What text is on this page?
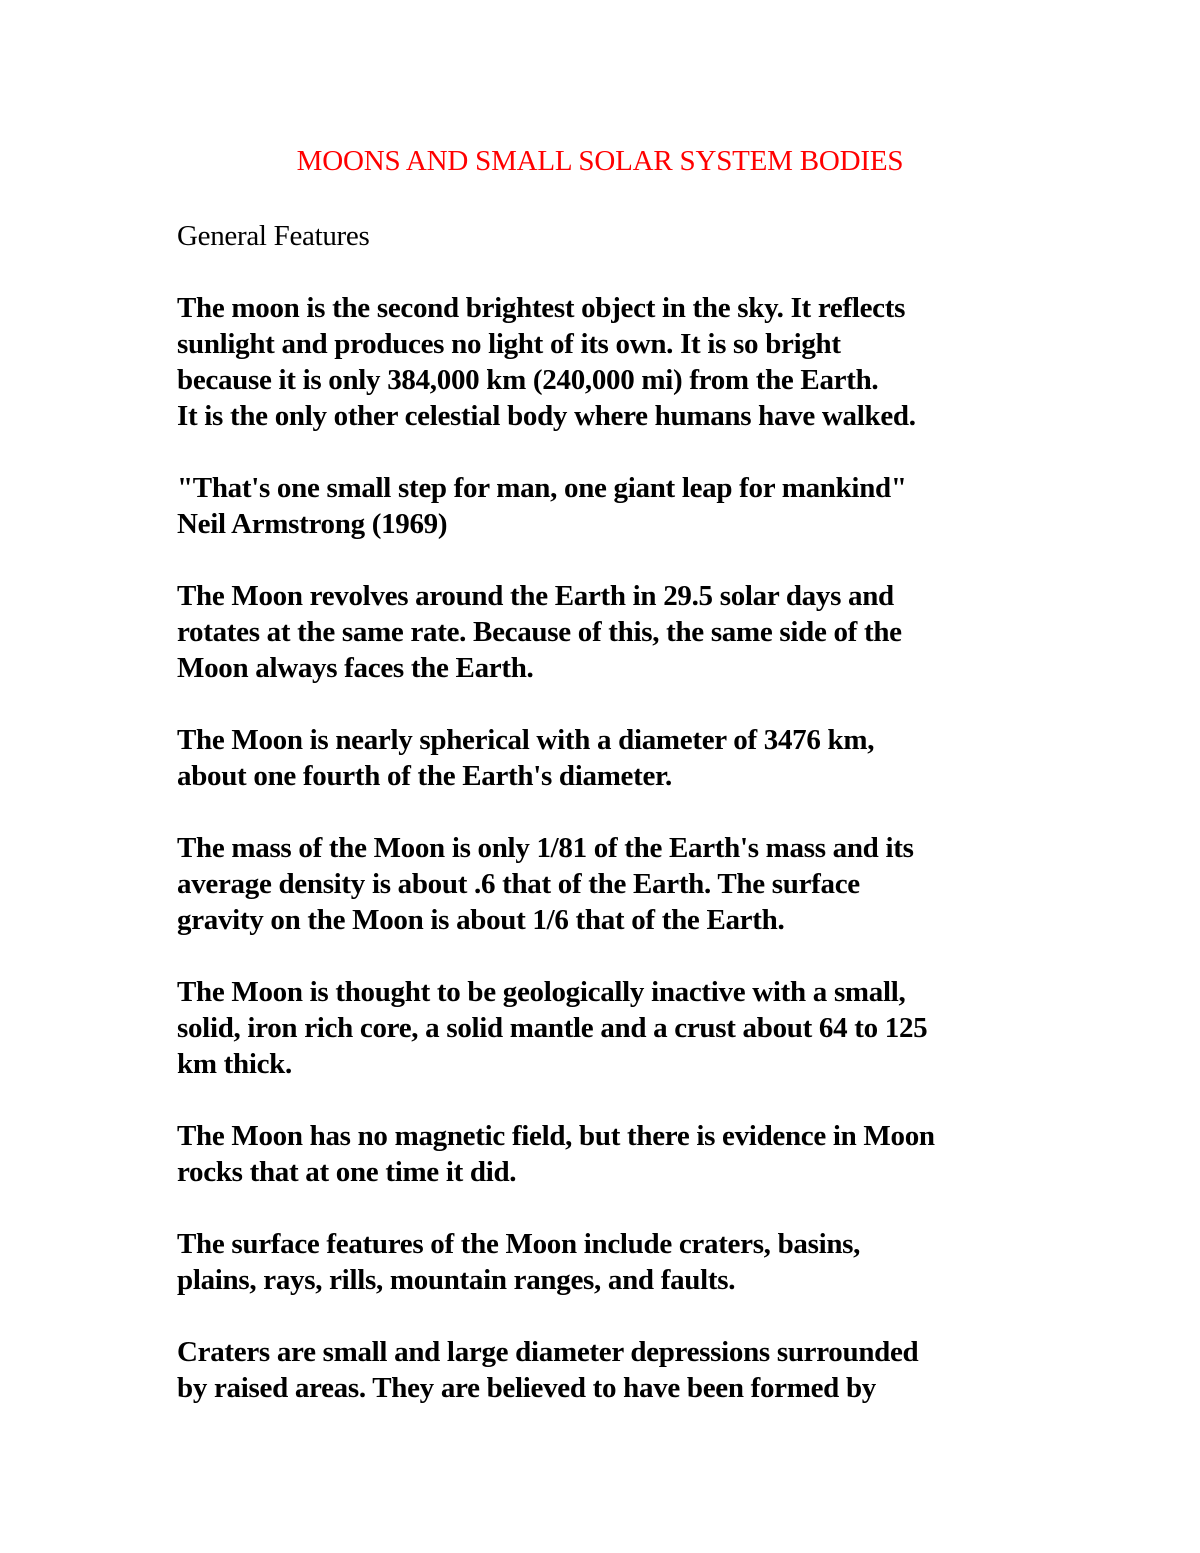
MOONS AND SMALL SOLAR SYSTEM BODIES

General Features

The moon is the second brightest object in the sky. It reflects
sunlight and produces no light of its own. It is so bright
because it is only 384,000 km (240,000 mi) from the Earth.
It is the only other celestial body where humans have walked.

"That's one small step for man, one giant leap for mankind"
Neil Armstrong (1969)

The Moon revolves around the Earth in 29.5 solar days and
rotates at the same rate. Because of this, the same side of the
Moon always faces the Earth.

The Moon is nearly spherical with a diameter of 3476 km,
about one fourth of the Earth's diameter.

The mass of the Moon is only 1/81 of the Earth's mass and its
average density is about .6 that of the Earth. The surface
gravity on the Moon is about 1/6 that of the Earth.

The Moon is thought to be geologically inactive with a small,
solid, iron rich core, a solid mantle and a crust about 64 to 125
km thick.

The Moon has no magnetic field, but there is evidence in Moon
rocks that at one time it did.

The surface features of the Moon include craters, basins,
plains, rays, rills, mountain ranges, and faults.

Craters are small and large diameter depressions surrounded
by raised areas. They are believed to have been formed by
